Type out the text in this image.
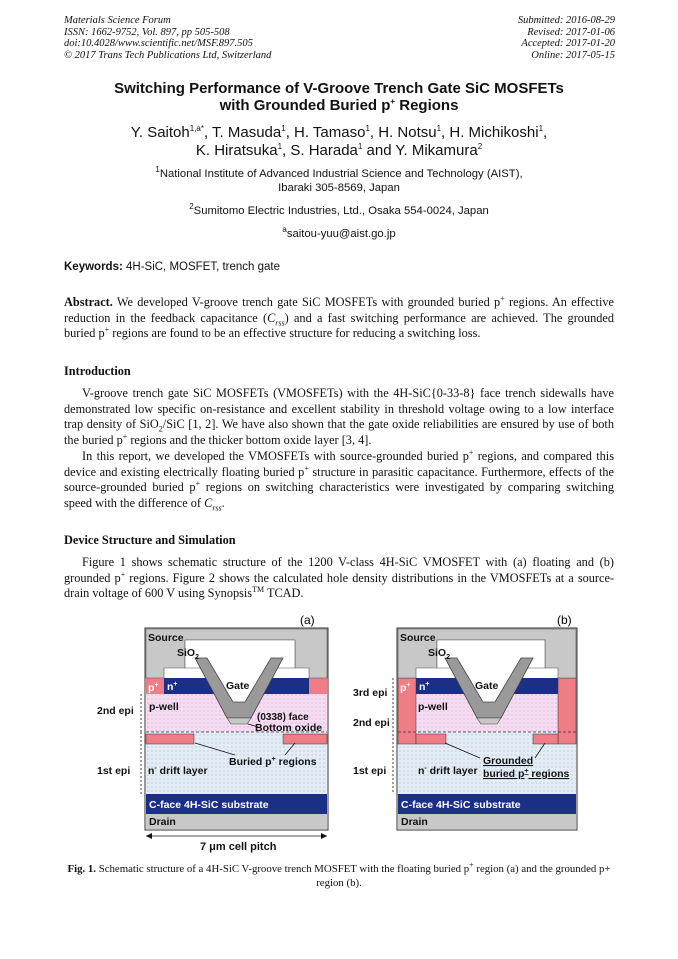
Materials Science Forum
ISSN: 1662-9752, Vol. 897, pp 505-508
doi:10.4028/www.scientific.net/MSF.897.505
© 2017 Trans Tech Publications Ltd, Switzerland
Submitted: 2016-08-29
Revised: 2017-01-06
Accepted: 2017-01-20
Online: 2017-05-15
Switching Performance of V-Groove Trench Gate SiC MOSFETs
with Grounded Buried p+ Regions
Y. Saitoh$^{1,a*}$, T. Masuda$^1$, H. Tamaso$^1$, H. Notsu$^1$, H. Michikoshi$^1$,
K. Hiratsuka$^1$, S. Harada$^1$ and Y. Mikamura$^2$
$^1$National Institute of Advanced Industrial Science and Technology (AIST),
Ibaraki 305-8569, Japan
$^2$Sumitomo Electric Industries, Ltd., Osaka 554-0024, Japan
$^a$saitou-yuu@aist.go.jp
Keywords: 4H-SiC, MOSFET, trench gate
Abstract. We developed V-groove trench gate SiC MOSFETs with grounded buried p+ regions. An effective reduction in the feedback capacitance $(C_{rss})$ and a fast switching performance are achieved. The grounded buried p+ regions are found to be an effective structure for reducing a switching loss.
Introduction
V-groove trench gate SiC MOSFETs (VMOSFETs) with the 4H-SiC{0-33-8} face trench sidewalls have demonstrated low specific on-resistance and excellent stability in threshold voltage owing to a low interface trap density of SiO$_2$/SiC [1, 2]. We have also shown that the gate oxide reliabilities are ensured by use of both the buried p+ regions and the thicker bottom oxide layer [3, 4].
In this report, we developed the VMOSFETs with source-grounded buried p+ regions, and compared this device and existing electrically floating buried p+ structure in parasitic capacitance. Furthermore, effects of the source-grounded buried p+ regions on switching characteristics were investigated by comparing switching speed with the difference of $C_{rss}$.
Device Structure and Simulation
Figure 1 shows schematic structure of the 1200 V-class 4H-SiC VMOSFET with (a) floating and (b) grounded p+ regions. Figure 2 shows the calculated hole density distributions in the VMOSFETs at a source-drain voltage of 600 V using Synopsis™ TCAD.
(a)
Source
SiO$_2$
Gate
p+ n+
p-well
(0338) face
Bottom oxide
Buried p+ regions
n- drift layer
C-face 4H-SiC substrate
Drain
2nd epi
1st epi
7 μm cell pitch
(b)
Source
SiO$_2$
Gate
p+ n+
p-well
n- drift layer
Grounded
buried p+ regions
C-face 4H-SiC substrate
Drain
3rd epi
2nd epi
1st epi
Fig. 1. Schematic structure of a 4H-SiC V-groove trench MOSFET with the floating buried p+ region (a) and the grounded p+ region (b).
